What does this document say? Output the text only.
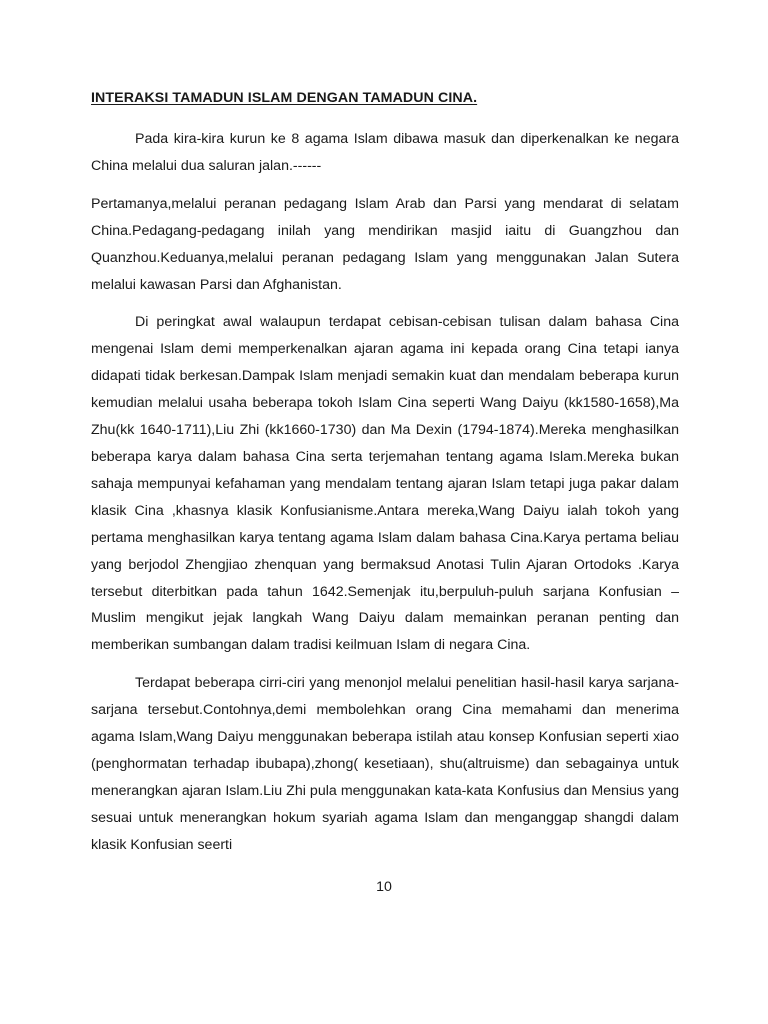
INTERAKSI TAMADUN ISLAM DENGAN TAMADUN CINA.

Pada kira-kira kurun ke 8 agama Islam dibawa masuk dan diperkenalkan ke negara China melalui dua saluran jalan.------

Pertamanya,melalui peranan pedagang Islam Arab dan Parsi yang mendarat di selatam China.Pedagang-pedagang inilah yang mendirikan masjid iaitu di Guangzhou dan Quanzhou.Keduanya,melalui peranan pedagang Islam yang menggunakan Jalan Sutera melalui kawasan Parsi dan Afghanistan.

Di peringkat awal walaupun terdapat cebisan-cebisan tulisan dalam bahasa Cina mengenai Islam demi memperkenalkan ajaran agama ini kepada orang Cina tetapi ianya didapati tidak berkesan.Dampak Islam menjadi semakin kuat dan mendalam beberapa kurun kemudian melalui usaha beberapa tokoh Islam Cina seperti Wang Daiyu (kk1580-1658),Ma Zhu(kk 1640-1711),Liu Zhi (kk1660-1730) dan Ma Dexin (1794-1874).Mereka menghasilkan beberapa karya dalam bahasa Cina serta terjemahan tentang agama Islam.Mereka bukan sahaja mempunyai kefahaman yang mendalam tentang ajaran Islam tetapi juga pakar dalam klasik Cina ,khasnya klasik Konfusianisme.Antara mereka,Wang Daiyu ialah tokoh yang pertama menghasilkan karya tentang agama Islam dalam bahasa Cina.Karya pertama beliau yang berjodol Zhengjiao zhenquan yang bermaksud Anotasi Tulin Ajaran Ortodoks .Karya tersebut diterbitkan pada tahun 1642.Semenjak itu,berpuluh-puluh sarjana Konfusian –Muslim mengikut jejak langkah Wang Daiyu dalam memainkan peranan penting dan memberikan sumbangan dalam tradisi keilmuan Islam di negara Cina.

Terdapat beberapa cirri-ciri yang menonjol melalui penelitian hasil-hasil karya sarjana-sarjana tersebut.Contohnya,demi membolehkan orang Cina memahami dan menerima agama Islam,Wang Daiyu menggunakan beberapa istilah atau konsep Konfusian seperti xiao (penghormatan terhadap ibubapa),zhong( kesetiaan), shu(altruisme) dan sebagainya untuk menerangkan ajaran Islam.Liu Zhi pula menggunakan kata-kata Konfusius dan Mensius yang sesuai untuk menerangkan hokum syariah agama Islam dan menganggap shangdi dalam klasik Konfusian seerti

10
